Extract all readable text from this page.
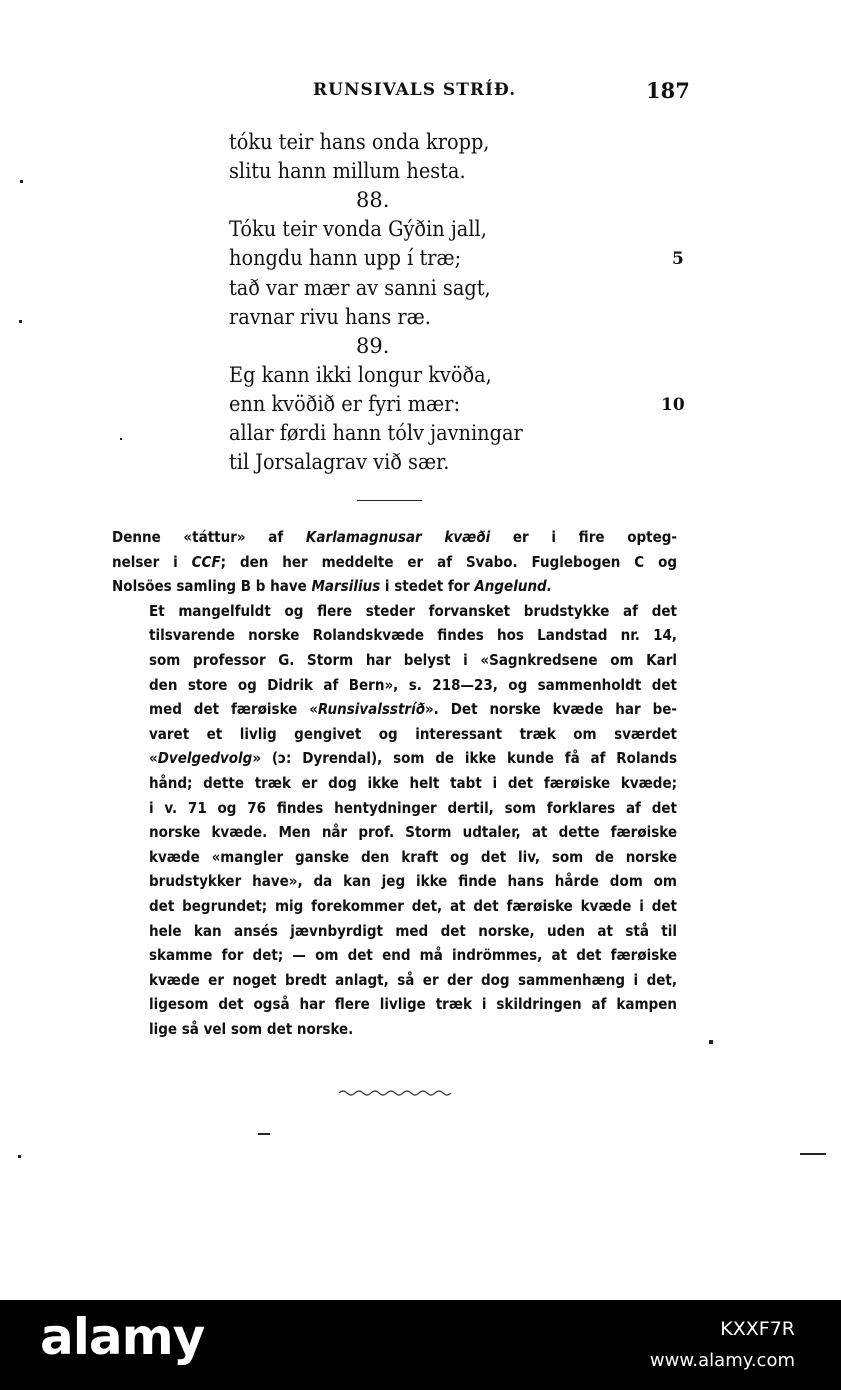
RUNSIVALS STRÍÐ.	187
tóku teir hans onda kropp,
slitu hann millum hesta.
88.
Tóku teir vonda Gýðin jall,
hongdu hann upp í træ;	5
tað var mær av sanni sagt,
ravnar rivu hans ræ.
89.
Eg kann ikki longur kvöða,
enn kvöðið er fyri mær:	10
allar førdi hann tólv javningar
til Jorsalagrav við sær.

Denne «táttur» af Karlamagnusar kvæði er i fire opteg-
nelser i CCF; den her meddelte er af Svabo. Fuglebogen C og
Nolsöes samling B b have Marsilius i stedet for Angelund.

Et mangelfuldt og flere steder forvansket brudstykke af det
tilsvarende norske Rolandskvæde findes hos Landstad nr. 14,
som professor G. Storm har belyst i «Sagnkredsene om Karl
den store og Didrik af Bern», s. 218—23, og sammenholdt det
med det færøiske «Runsivalsstríð». Det norske kvæde har be-
varet et livlig gengivet og interessant træk om sværdet
«Dvelgedvolg» (ɔ: Dyrendal), som de ikke kunde få af Rolands
hånd; dette træk er dog ikke helt tabt i det færøiske kvæde;
i v. 71 og 76 findes hentydninger dertil, som forklares af det
norske kvæde. Men når prof. Storm udtaler, at dette færøiske
kvæde «mangler ganske den kraft og det liv, som de norske
brudstykker have», da kan jeg ikke finde hans hårde dom om
det begrundet; mig forekommer det, at det færøiske kvæde i det
hele kan ansés jævnbyrdigt med det norske, uden at stå til
skamme for det; — om det end må indrömmes, at det færøiske
kvæde er noget bredt anlagt, så er der dog sammenhæng i det,
ligesom det også har flere livlige træk i skildringen af kampen
lige så vel som det norske.

alamy	KXXF7R
www.alamy.com
